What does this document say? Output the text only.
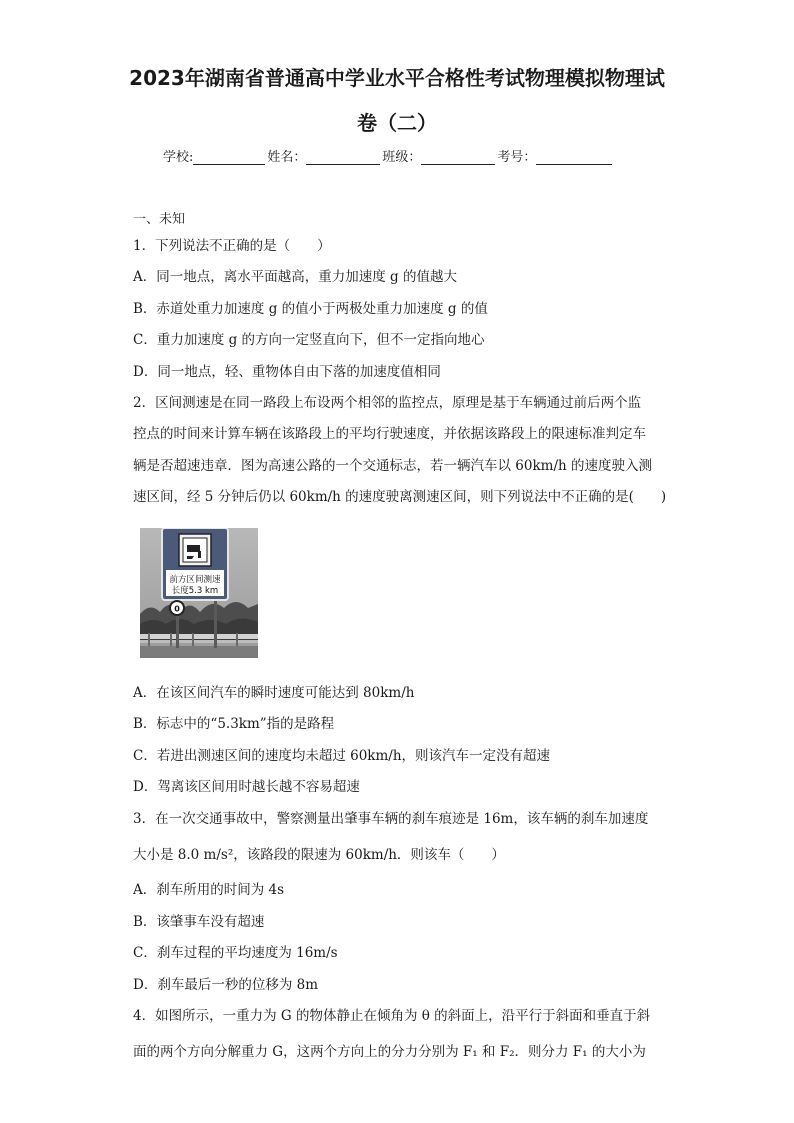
2023年湖南省普通高中学业水平合格性考试物理模拟物理试
卷（二）
学校:	姓名：	班级：	考号：
一、未知
1．下列说法不正确的是（　　）
A．同一地点，离水平面越高，重力加速度 g 的值越大
B．赤道处重力加速度 g 的值小于两极处重力加速度 g 的值
C．重力加速度 g 的方向一定竖直向下，但不一定指向地心
D．同一地点，轻、重物体自由下落的加速度值相同
2．区间测速是在同一路段上布设两个相邻的监控点，原理是基于车辆通过前后两个监
控点的时间来计算车辆在该路段上的平均行驶速度，并依据该路段上的限速标准判定车
辆是否超速违章．图为高速公路的一个交通标志，若一辆汽车以 60km/h 的速度驶入测
速区间，经 5 分钟后仍以 60km/h 的速度驶离测速区间，则下列说法中不正确的是(　　)
前方区间测速
长度5.3 km
0
A．在该区间汽车的瞬时速度可能达到 80km/h
B．标志中的“5.3km”指的是路程
C．若进出测速区间的速度均未超过 60km/h，则该汽车一定没有超速
D．驾离该区间用时越长越不容易超速
3．在一次交通事故中，警察测量出肇事车辆的刹车痕迹是 16m，该车辆的刹车加速度
大小是 8.0 m/s²，该路段的限速为 60km/h．则该车（　　）
A．刹车所用的时间为 4s
B．该肇事车没有超速
C．刹车过程的平均速度为 16m/s
D．刹车最后一秒的位移为 8m
4．如图所示，一重力为 G 的物体静止在倾角为 θ 的斜面上，沿平行于斜面和垂直于斜
面的两个方向分解重力 G，这两个方向上的分力分别为 F₁ 和 F₂．则分力 F₁ 的大小为
